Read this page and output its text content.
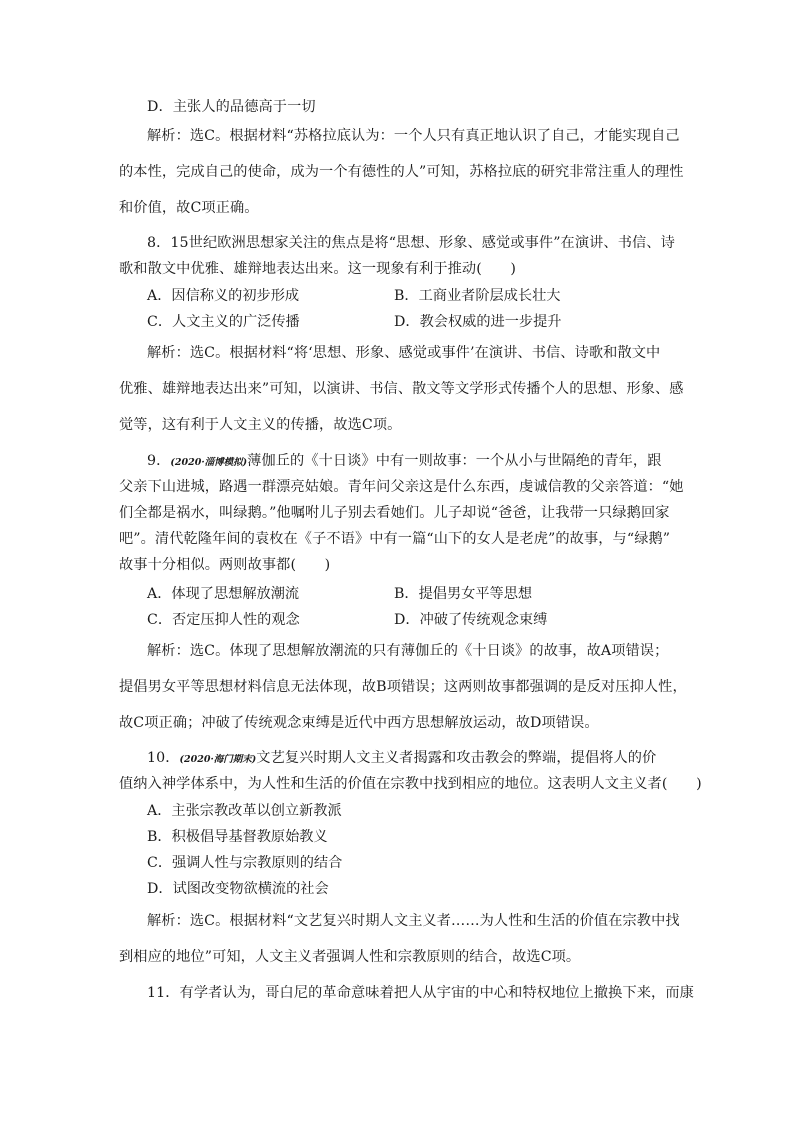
D．主张人的品德高于一切
解析：选C。根据材料“苏格拉底认为：一个人只有真正地认识了自己，才能实现自己
的本性，完成自己的使命，成为一个有德性的人”可知，苏格拉底的研究非常注重人的理性
和价值，故C项正确。
8．15世纪欧洲思想家关注的焦点是将“思想、形象、感觉或事件”在演讲、书信、诗
歌和散文中优雅、雄辩地表达出来。这一现象有利于推动(　　)
A．因信称义的初步形成	B．工商业者阶层成长壮大
C．人文主义的广泛传播	D．教会权威的进一步提升
解析：选C。根据材料“将‘思想、形象、感觉或事件’在演讲、书信、诗歌和散文中
优雅、雄辩地表达出来”可知，以演讲、书信、散文等文学形式传播个人的思想、形象、感
觉等，这有利于人文主义的传播，故选C项。
9．(2020·淄博模拟)薄伽丘的《十日谈》中有一则故事：一个从小与世隔绝的青年，跟
父亲下山进城，路遇一群漂亮姑娘。青年问父亲这是什么东西，虔诚信教的父亲答道：“她
们全都是祸水，叫绿鹅。”他嘱咐儿子别去看她们。儿子却说“爸爸，让我带一只绿鹅回家
吧”。清代乾隆年间的袁枚在《子不语》中有一篇“山下的女人是老虎”的故事，与“绿鹅”
故事十分相似。两则故事都(　　)
A．体现了思想解放潮流	B．提倡男女平等思想
C．否定压抑人性的观念	D．冲破了传统观念束缚
解析：选C。体现了思想解放潮流的只有薄伽丘的《十日谈》的故事，故A项错误；
提倡男女平等思想材料信息无法体现，故B项错误；这两则故事都强调的是反对压抑人性，
故C项正确；冲破了传统观念束缚是近代中西方思想解放运动，故D项错误。
10．(2020·海门期末)文艺复兴时期人文主义者揭露和攻击教会的弊端，提倡将人的价
值纳入神学体系中，为人性和生活的价值在宗教中找到相应的地位。这表明人文主义者(　　)
A．主张宗教改革以创立新教派
B．积极倡导基督教原始教义
C．强调人性与宗教原则的结合
D．试图改变物欲横流的社会
解析：选C。根据材料“文艺复兴时期人文主义者……为人性和生活的价值在宗教中找
到相应的地位”可知，人文主义者强调人性和宗教原则的结合，故选C项。
11．有学者认为，哥白尼的革命意味着把人从宇宙的中心和特权地位上撤换下来，而康
